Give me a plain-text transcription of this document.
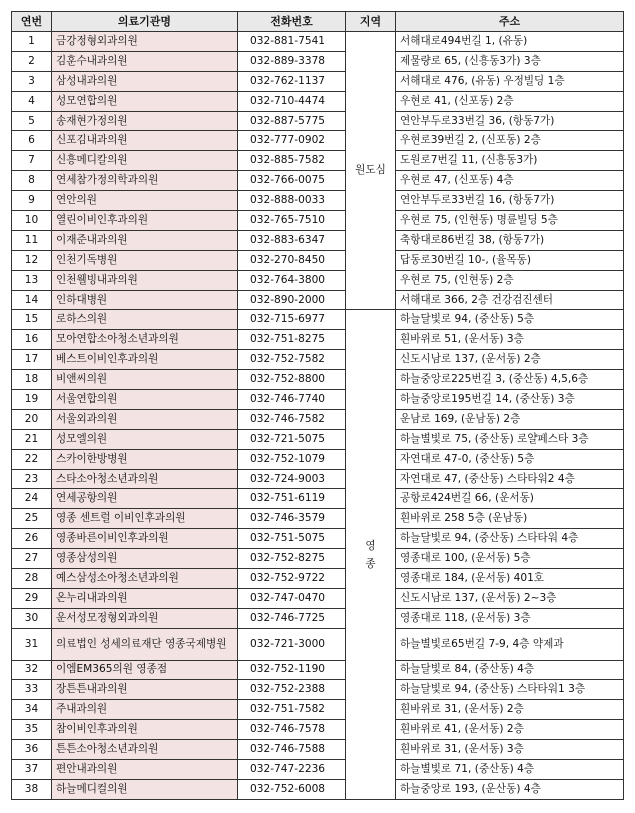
연번	의료기관명	전화번호	지역	주소
1	금강정형외과의원	032-881-7541	원도심	서해대로494번길 1, (유동)
2	김훈수내과의원	032-889-3378		제물량로 65, (신흥동3가) 3층
3	삼성내과의원	032-762-1137		서해대로 476, (유동) 우정빌딩 1층
4	성모연합의원	032-710-4474		우현로 41, (신포동) 2층
5	송재현가정의원	032-887-5775		연안부두로33번길 36, (항동7가)
6	신포김내과의원	032-777-0902		우현로39번길 2, (신포동) 2층
7	신흥메디칼의원	032-885-7582		도원로7번길 11, (신흥동3가)
8	연세참가정의학과의원	032-766-0075		우현로 47, (신포동) 4층
9	연안의원	032-888-0033		연안부두로33번길 16, (항동7가)
10	열린이비인후과의원	032-765-7510		우현로 75, (인현동) 명륜빌딩 5층
11	이재준내과의원	032-883-6347		축항대로86번길 38, (항동7가)
12	인천기독병원	032-270-8450		답동로30번길 10-, (율목동)
13	인천웰빙내과의원	032-764-3800		우현로 75, (인현동) 2층
14	인하대병원	032-890-2000		서해대로 366, 2층 건강검진센터
15	로하스의원	032-715-6977	영 종	하늘달빛로 94, (중산동) 5층
16	모아연합소아청소년과의원	032-751-8275		흰바위로 51, (운서동) 3층
17	베스트이비인후과의원	032-752-7582		신도시남로 137, (운서동) 2층
18	비앤씨의원	032-752-8800		하늘중앙로225번길 3, (중산동) 4,5,6층
19	서울연합의원	032-746-7740		하늘중앙로195번길 14, (중산동) 3층
20	서울외과의원	032-746-7582		운남로 169, (운남동) 2층
21	성모엘의원	032-721-5075		하늘별빛로 75, (중산동) 로얄페스타 3층
22	스카이한방병원	032-752-1079		자연대로 47-0, (중산동) 5층
23	스타소아청소년과의원	032-724-9003		자연대로 47, (중산동) 스타타워2 4층
24	연세공항의원	032-751-6119		공항로424번길 66, (운서동)
25	영종 센트럴 이비인후과의원	032-746-3579		흰바위로 258 5층 (운남동)
26	영종바른이비인후과의원	032-751-5075		하늘달빛로 94, (중산동) 스타타워 4층
27	영종삼성의원	032-752-8275		영종대로 100, (운서동) 5층
28	예스삼성소아청소년과의원	032-752-9722		영종대로 184, (운서동) 401호
29	온누리내과의원	032-747-0470		신도시남로 137, (운서동) 2~3층
30	운서성모정형외과의원	032-746-7725		영종대로 118, (운서동) 3층
31	의료법인 성세의료재단 영종국제병원	032-721-3000		하늘별빛로65번길 7-9, 4층 약제과
32	이엠EM365의원 영종점	032-752-1190		하늘달빛로 84, (중산동) 4층
33	장튼튼내과의원	032-752-2388		하늘달빛로 94, (중산동) 스타타워1 3층
34	주내과의원	032-751-7582		흰바위로 31, (운서동) 2층
35	참이비인후과의원	032-746-7578		흰바위로 41, (운서동) 2층
36	튼튼소아청소년과의원	032-746-7588		흰바위로 31, (운서동) 3층
37	편안내과의원	032-747-2236		하늘별빛로 71, (중산동) 4층
38	하늘메디컬의원	032-752-6008		하늘중앙로 193, (운산동) 4층
